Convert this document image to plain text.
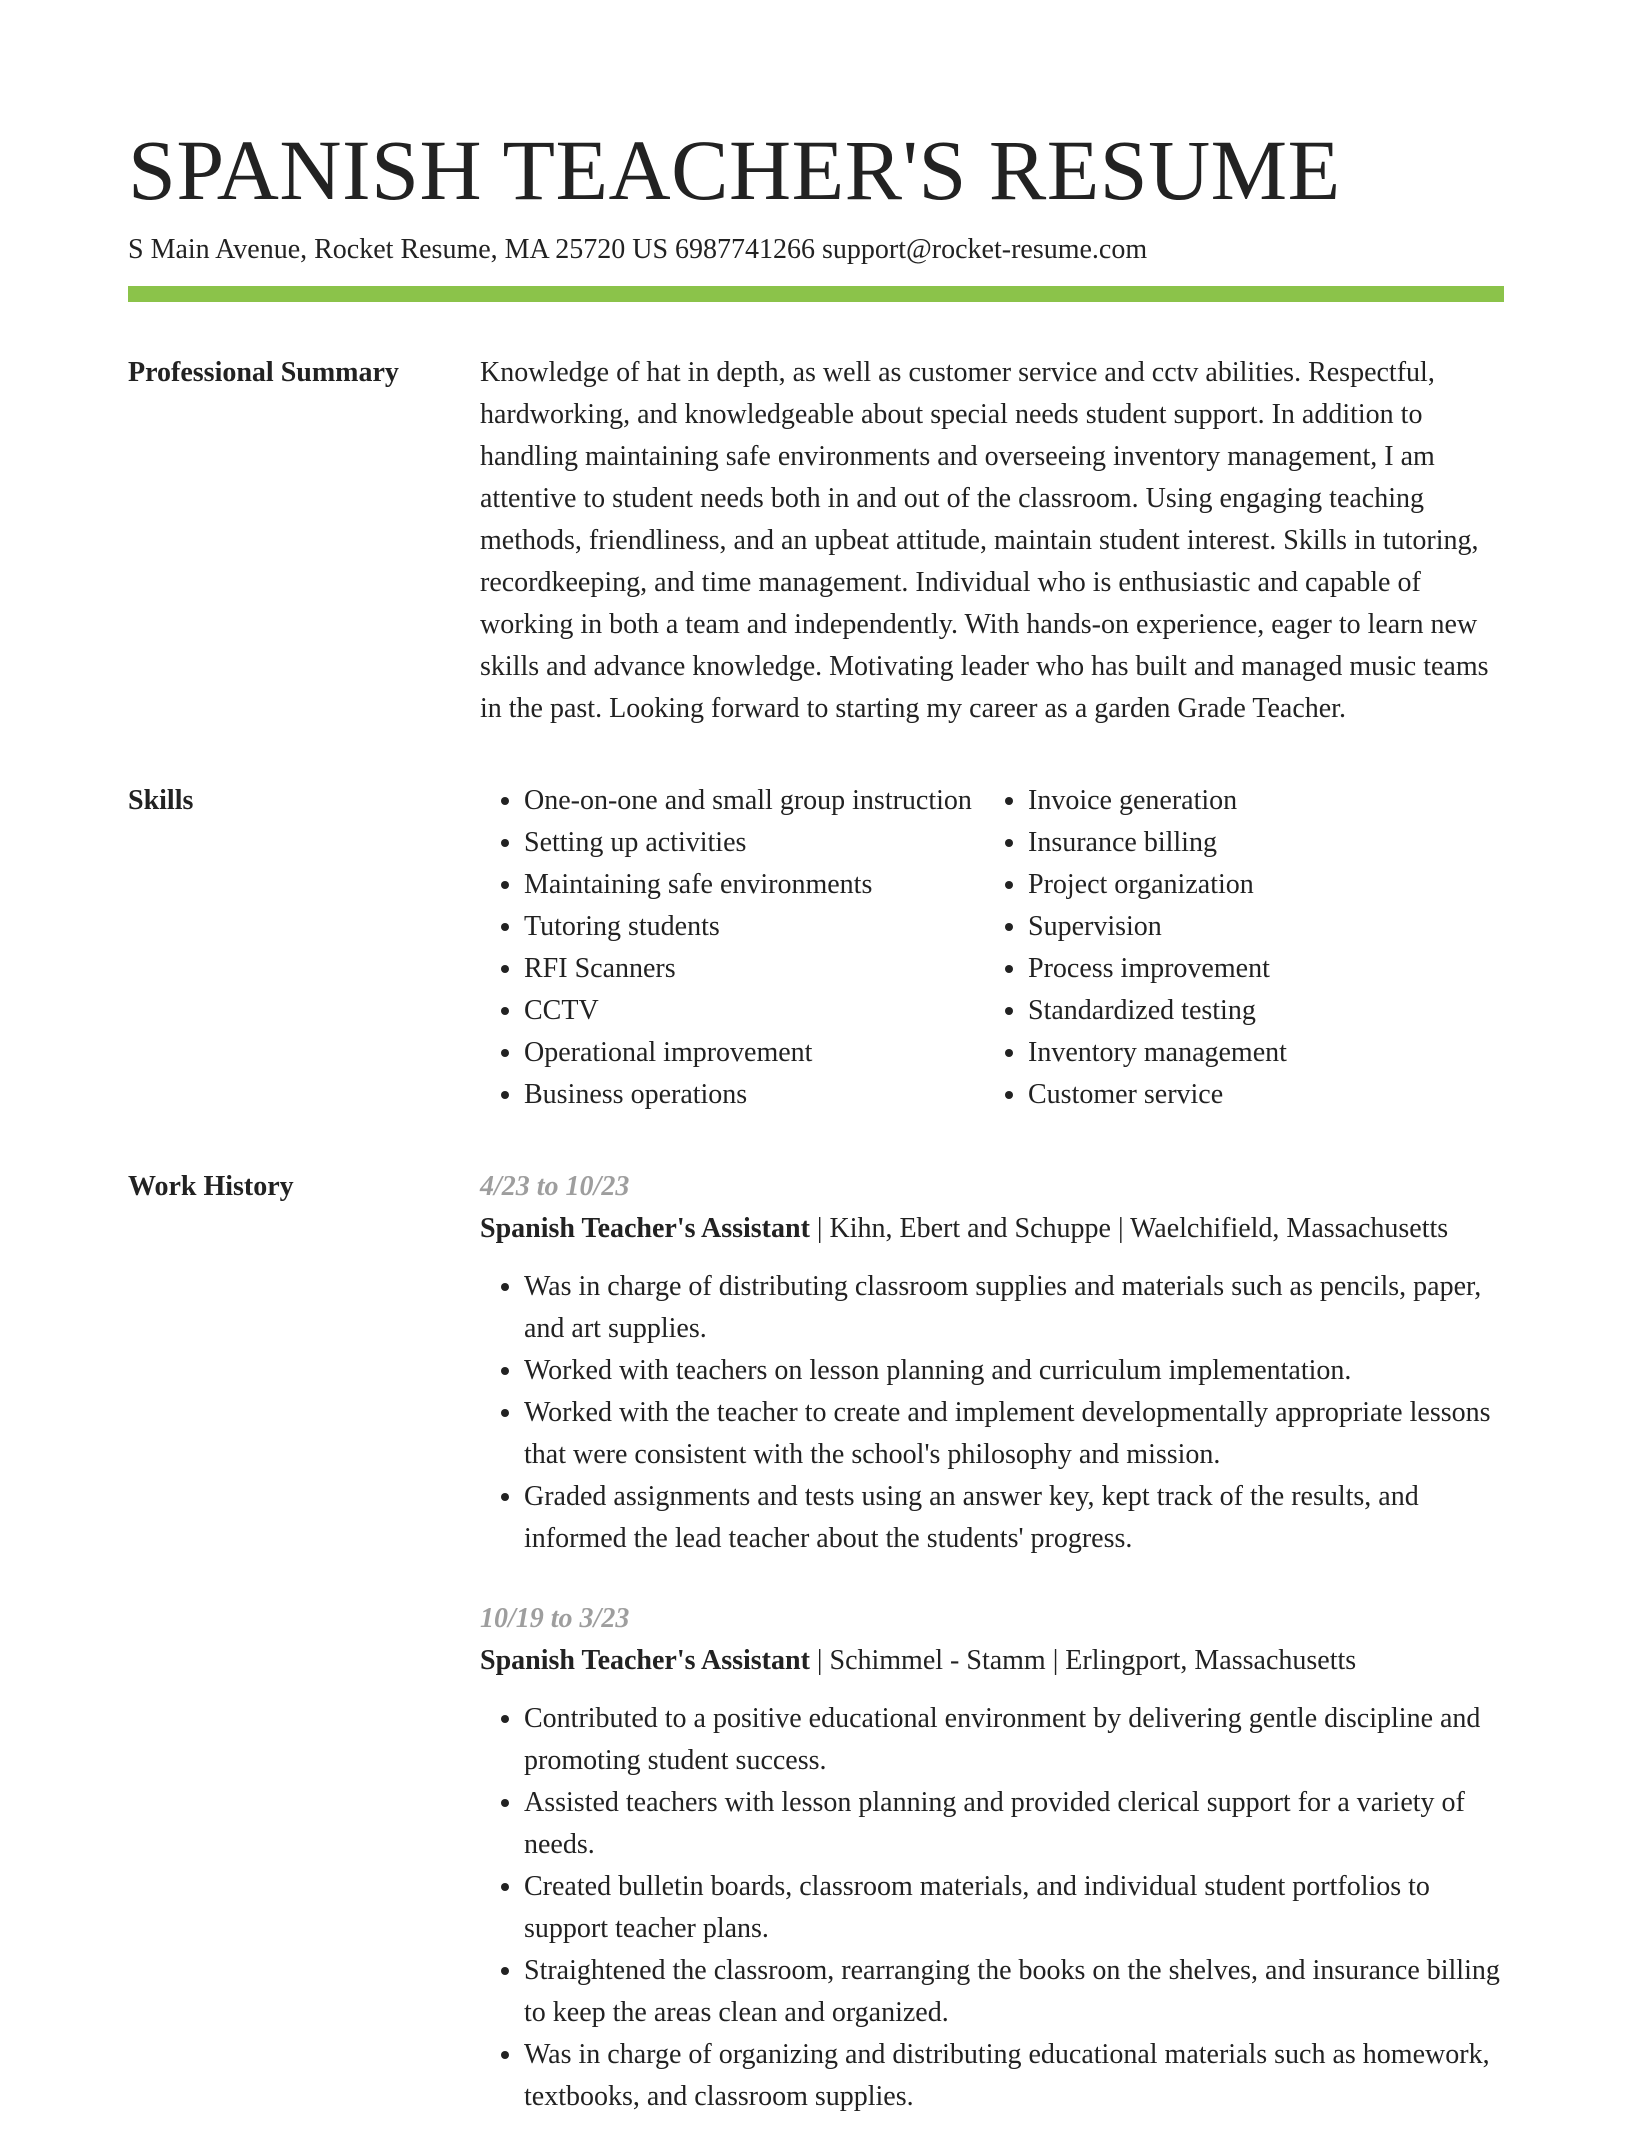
SPANISH TEACHER'S RESUME
S Main Avenue, Rocket Resume, MA 25720 US 6987741266 support@rocket-resume.com
Professional Summary	Knowledge of hat in depth, as well as customer service and cctv abilities. Respectful, hardworking, and knowledgeable about special needs student support. In addition to handling maintaining safe environments and overseeing inventory management, I am attentive to student needs both in and out of the classroom. Using engaging teaching methods, friendliness, and an upbeat attitude, maintain student interest. Skills in tutoring, recordkeeping, and time management. Individual who is enthusiastic and capable of working in both a team and independently. With hands-on experience, eager to learn new skills and advance knowledge. Motivating leader who has built and managed music teams in the past. Looking forward to starting my career as a garden Grade Teacher.

Skills
•	One-on-one and small group instruction
• Setting up activities
• Maintaining safe environments
• Tutoring students
• RFI Scanners
• CCTV
• Operational improvement
• Business operations
• Invoice generation
• Insurance billing
• Project organization
• Supervision
• Process improvement
• Standardized testing
• Inventory management
• Customer service
Work History	4/23 to 10/23
Spanish Teacher's Assistant | Kihn, Ebert and Schuppe | Waelchifield, Massachusetts
• Was in charge of distributing classroom supplies and materials such as pencils, paper, and art supplies.
• Worked with teachers on lesson planning and curriculum implementation.
• Worked with the teacher to create and implement developmentally appropriate lessons that were consistent with the school's philosophy and mission.
• Graded assignments and tests using an answer key, kept track of the results, and informed the lead teacher about the students' progress.
10/19 to 3/23
Spanish Teacher's Assistant | Schimmel - Stamm | Erlingport, Massachusetts
• Contributed to a positive educational environment by delivering gentle discipline and promoting student success.
• Assisted teachers with lesson planning and provided clerical support for a variety of needs.
• Created bulletin boards, classroom materials, and individual student portfolios to support teacher plans.
• Straightened the classroom, rearranging the books on the shelves, and insurance billing to keep the areas clean and organized.
• Was in charge of organizing and distributing educational materials such as homework, textbooks, and classroom supplies.
